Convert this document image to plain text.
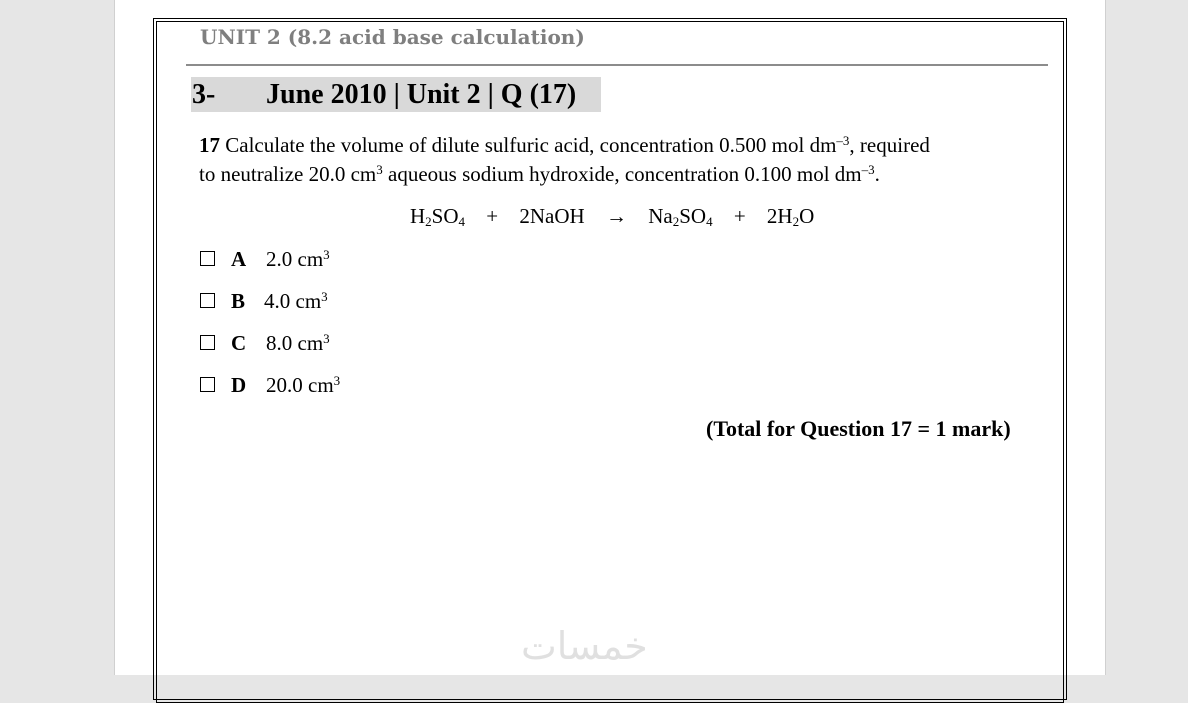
UNIT 2 (8.2 acid base calculation)
3- June 2010 | Unit 2 | Q (17)
17 Calculate the volume of dilute sulfuric acid, concentration 0.500 mol $dm^{-3}$, required
to neutralize 20.0 $cm^3$ aqueous sodium hydroxide, concentration 0.100 mol $dm^{-3}$.
$H_2SO_4$ + 2NaOH → $Na_2SO_4 + 2H_2O$
A 2.0 $cm^3$
B 4.0 $cm^3$
C 8.0 $cm^3$
D 20.0 $cm^3$
(Total for Question 17 = 1 mark)
خمسات
